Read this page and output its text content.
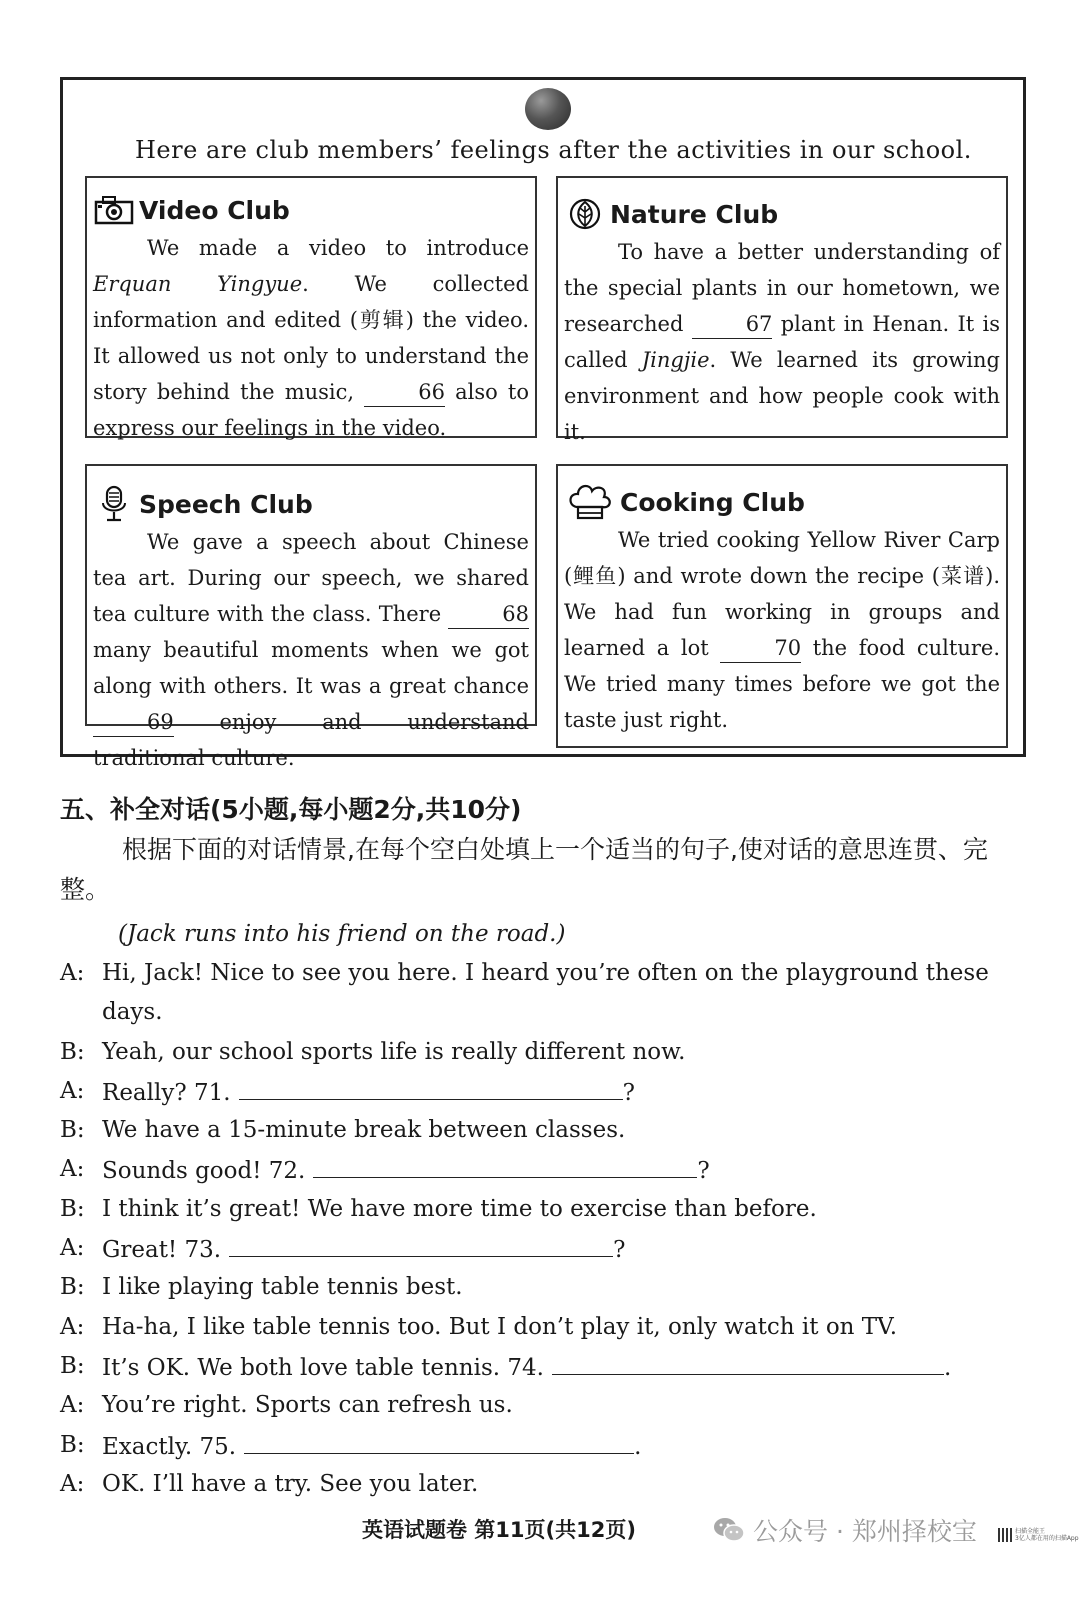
Here are club members’ feelings after the activities in our school.
Video Club

We made a video to introduce Erquan Yingyue. We collected information and edited (剪辑) the video. It allowed us not only to understand the story behind the music,	66 also to express our feelings in the video.

Nature Club

To have a better understanding of the special plants in our hometown, we researched	67 plant in Henan. It is called Jingjie. We learned its growing environment and how people cook with it.

Speech Club

We gave a speech about Chinese tea art. During our speech, we shared tea culture with the class. There	68 many beautiful moments when we got along with others. It was a great chance 69 enjoy and understand traditional culture.

Cooking Club

We tried cooking Yellow River Carp (鲤鱼) and wrote down the recipe (菜谱). We had fun working in groups and learned a lot	70 the food culture. We tried many times before we got the taste just right.

五、补全对话(5小题,每小题2分,共10分)
根据下面的对话情景,在每个空白处填上一个适当的句子,使对话的意思连贯、完整。
(Jack runs into his friend on the road.)
A: Hi, Jack! Nice to see you here. I heard you’re often on the playground these days.
B: Yeah, our school sports life is really different now.
A: Really? 71.	?
B: We have a 15-minute break between classes.
A: Sounds good! 72.	?
B: I think it’s great! We have more time to exercise than before.
A: Great! 73.	?
B: I like playing table tennis best.
A: Ha-ha, I like table tennis too. But I don’t play it, only watch it on TV.
B: It’s OK. We both love table tennis. 74.	.
A: You’re right. Sports can refresh us.
B: Exactly. 75.	.
A: OK. I’ll have a try. See you later.
英语试题卷 第11页(共12页)	公众号 · 郑州择校宝	扫描全能王
3亿人都在用的扫描App
